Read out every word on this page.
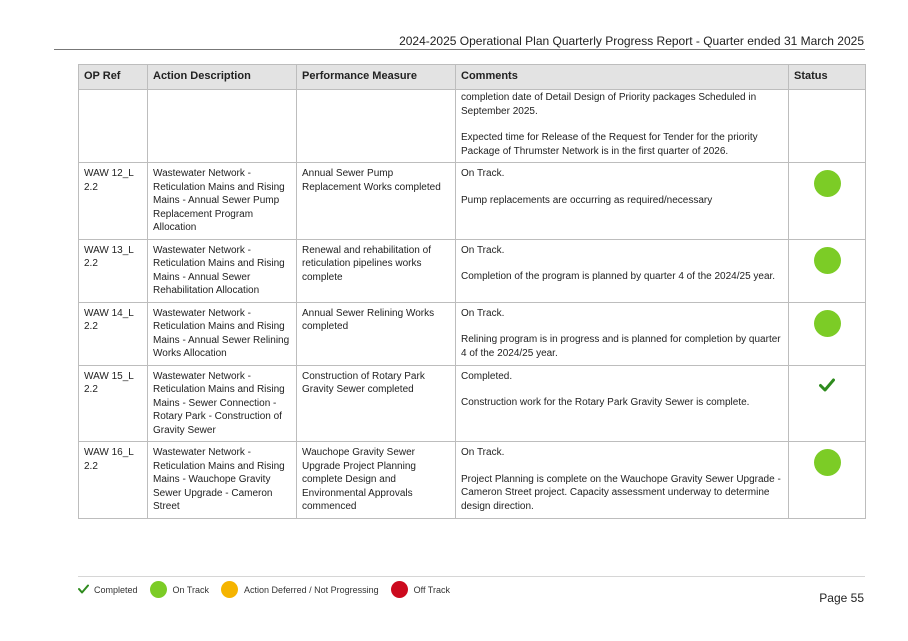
2024-2025 Operational Plan Quarterly Progress Report - Quarter ended 31 March 2025
OP Ref	Action Description	Performance Measure	Comments	Status

			completion date of Detail Design of Priority packages Scheduled in September 2025.

Expected time for Release of the Request for Tender for the priority Package of Thrumster Network is in the first quarter of 2026.	

WAW 12_L 2.2	Wastewater Network - Reticulation Mains and Rising Mains - Annual Sewer Pump Replacement Program Allocation	Annual Sewer Pump Replacement Works completed	On Track.

Pump replacements are occurring as required/necessary	

WAW 13_L 2.2	Wastewater Network - Reticulation Mains and Rising Mains - Annual Sewer Rehabilitation Allocation	Renewal and rehabilitation of reticulation pipelines works complete	On Track.

Completion of the program is planned by quarter 4 of the 2024/25 year.	

WAW 14_L 2.2	Wastewater Network - Reticulation Mains and Rising Mains - Annual Sewer Relining Works Allocation	Annual Sewer Relining Works completed	On Track.

Relining program is in progress and is planned for completion by quarter 4 of the 2024/25 year.	

WAW 15_L 2.2	Wastewater Network - Reticulation Mains and Rising Mains - Sewer Connection - Rotary Park - Construction of Gravity Sewer	Construction of Rotary Park Gravity Sewer completed	Completed.

Construction work for the Rotary Park Gravity Sewer is complete.

WAW 16_L 2.2	Wastewater Network - Reticulation Mains and Rising Mains - Wauchope Gravity Sewer Upgrade - Cameron Street	Wauchope Gravity Sewer Upgrade Project Planning complete Design and Environmental Approvals commenced	On Track.

Project Planning is complete on the Wauchope Gravity Sewer Upgrade - Cameron Street project. Capacity assessment underway to determine design direction.	

Completed	On Track	Action Deferred / Not Progressing	Off Track
Page 55
